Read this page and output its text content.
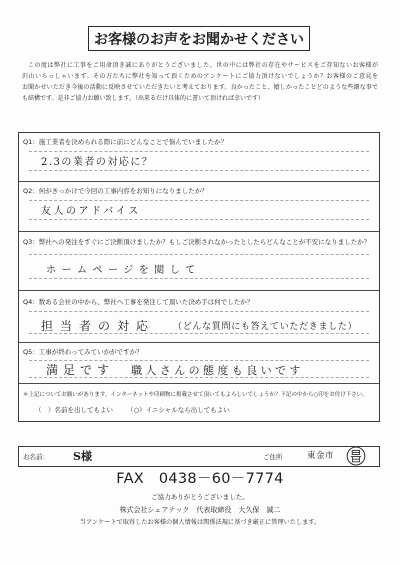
お客様のお声をお聞かせください
この度は弊社に工事をご用命頂き誠にありがとうございました。世の中には弊社の存在やサービスをご存知ないお客様が
沢山いらっしゃいます。その方たちに弊社を知って頂くためのアンケートにご協力頂けないでしょうか？お客様のご意見を
お聞かせいただき今後の活動に反映させていただきたいと考えております。良かったこと、嬉しかったことどのような些細な事で
も結構です。是非ご協力お願い致します。（出来るだけ具体的に書いて頂ければ幸いです）
Q1：施工業者を決められる際に前にどんなことで悩んでいましたか？
2.3の業者の対応に？
Q2：何がきっかけで今回の工事内容をお知りになりましたか？
友人のアドバイス
Q3：弊社への発注をすぐにご決断頂けましたか？もしご決断されなかったとしたらどんなことが不安になりましたか？
ホームページを閲して
Q4：数ある会社の中から、弊社へ工事を発注して頂いた決め手は何でしたか？
担当者の対応 （どんな質問にも答えていただきました）
Q5：工事が終わってみていかがですか？
満足です 職人さんの態度も良いです
＊上記についてお願いがあります。インターネットや印刷物に掲載させて頂いてもよろしいでしょうか？下記の中から○印をお付け下さい。
（　）名前を出してもよい （○）イニシャルなら出してもよい
お名前： S様	ご住所	東金市
FAX　0438－60－7774
ご協力ありがとうございました。
株式会社シェアテック　代表取締役　大久保　誠二
当アンケートで取得したお客様の個人情報は関係法規に基づき厳正に管理いたします。
